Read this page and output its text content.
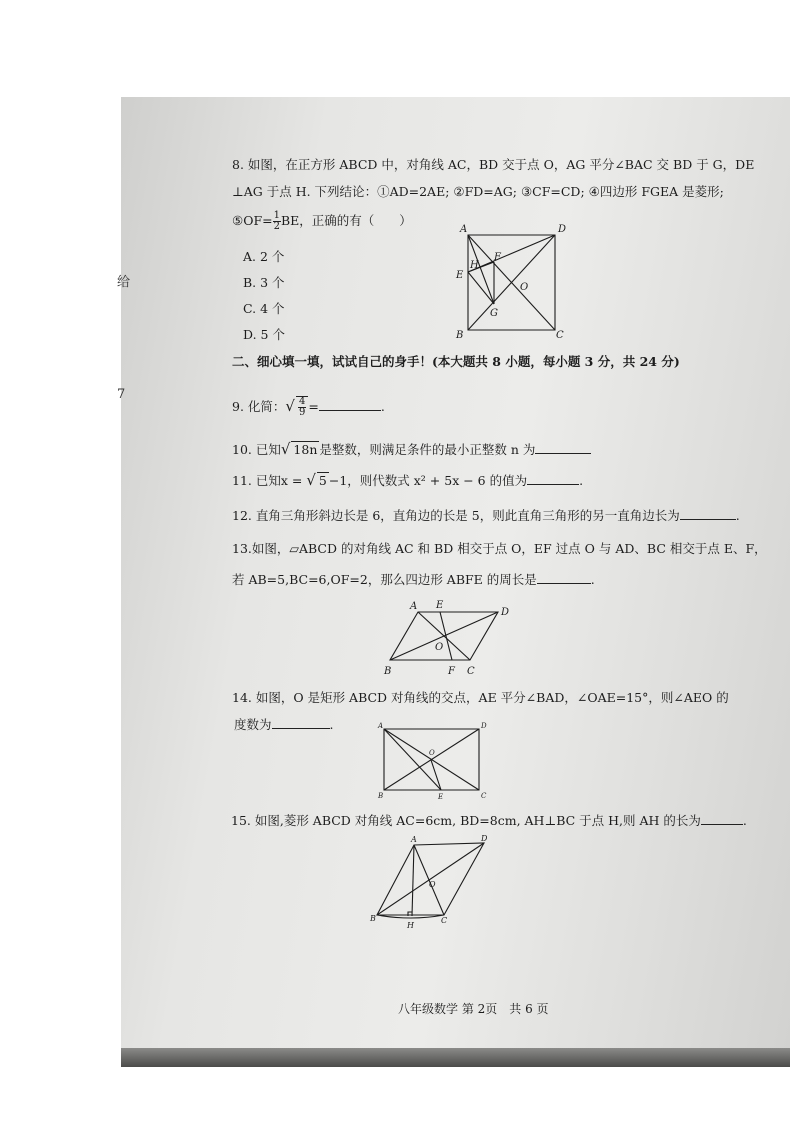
给
7
8. 如图，在正方形 ABCD 中，对角线 AC，BD 交于点 O，AG 平分∠BAC 交 BD 于 G，DE
⊥AG 于点 H. 下列结论：①AD=2AE; ②FD=AG; ③CF=CD; ④四边形 FGEA 是菱形;
⑤OF= $\frac{1}{2}$ BE，正确的有（　　）
A. 2 个
B. 3 个
C. 4 个
D. 5 个
A	D
H
F
E
O
G
B	C
二、细心填一填，试试自己的身手！(本大题共 8 小题，每小题 3 分，共 24 分)
9. 化简：√ $\frac{4}{9}$ =	.
10. 已知√ 18n 是整数，则满足条件的最小正整数 n 为
11. 已知x = √ 5 −1，则代数式 x² + 5x − 6 的值为	.
12. 直角三角形斜边长是 6，直角边的长是 5，则此直角三角形的另一直角边长为	.
13.如图，▱ABCD 的对角线 AC 和 BD 相交于点 O，EF 过点 O 与 AD、BC 相交于点 E、F，
若 AB=5,BC=6,OF=2，那么四边形 ABFE 的周长是	.
A E
D
O
B	F C
14. 如图，O 是矩形 ABCD 对角线的交点，AE 平分∠BAD，∠OAE=15°，则∠AEO 的
度数为	.	A	D
O
B	E	C
15. 如图,菱形 ABCD 对角线 AC=6cm, BD=8cm, AH⊥BC 于点 H,则 AH 的长为	.
A	D
O
B
H
C
八年级数学 第 2页　共 6 页
